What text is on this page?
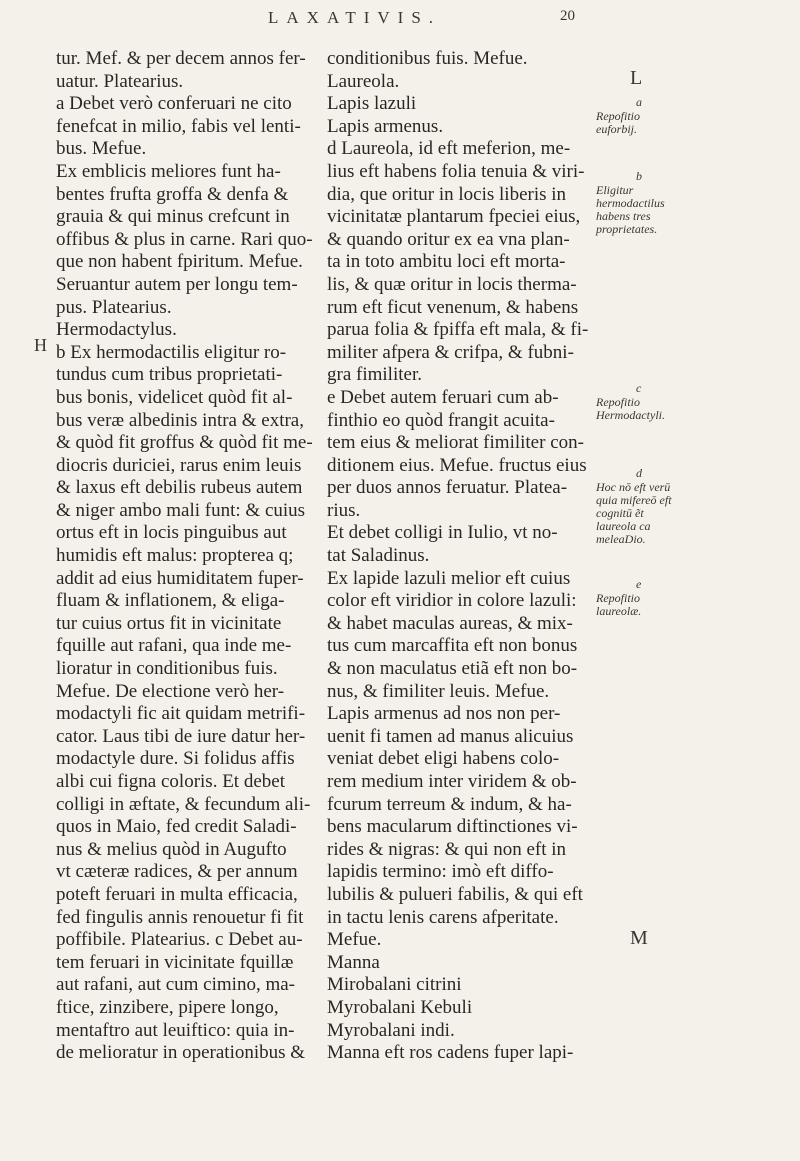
LAXATIVIS.	20
tur. Mef. & per decem annos fer-
uatur. Platearius.
a Debet verò conferuari ne cito
fenefcat in milio, fabis vel lenti-
bus. Mefue.
Ex emblicis meliores funt ha-
bentes frufta groffa & denfa &
grauia & qui minus crefcunt in
offibus & plus in carne. Rari quo-
que non habent fpiritum. Mefue.
Seruantur autem per longu tem-
pus. Platearius.
Hermodactylus.
b Ex hermodactilis eligitur ro-
tundus cum tribus proprietati-
bus bonis, videlicet quòd fit al-
bus veræ albedinis intra & extra,
& quòd fit groffus & quòd fit me-
diocris duriciei, rarus enim leuis
& laxus eft debilis rubeus autem
& niger ambo mali funt: & cuius
ortus eft in locis pinguibus aut
humidis eft malus: propterea q;
addit ad eius humiditatem fuper-
fluam & inflationem, & eliga-
tur cuius ortus fit in vicinitate
fquille aut rafani, qua inde me-
lioratur in conditionibus fuis.
Mefue. De electione verò her-
modactyli fic ait quidam metrifi-
cator. Laus tibi de iure datur her-
modactyle dure. Si folidus affis
albi cui figna coloris. Et debet
colligi in æftate, & fecundum ali-
quos in Maio, fed credit Saladi-
nus & melius quòd in Augufto
vt cæteræ radices, & per annum
poteft feruari in multa efficacia,
fed fingulis annis renouetur fi fit
poffibile. Platearius. c Debet au-
tem feruari in vicinitate fquillæ
aut rafani, aut cum cimino, ma-
ftice, zinzibere, pipere longo,
mentaftro aut leuiftico: quia in-
de melioratur in operationibus &
conditionibus fuis. Mefue.
Laureola.
Lapis lazuli
Lapis armenus.
d Laureola, id eft meferion, me-
lius eft habens folia tenuia & viri-
dia, que oritur in locis liberis in
vicinitatæ plantarum fpeciei eius,
& quando oritur ex ea vna plan-
ta in toto ambitu loci eft morta-
lis, & quæ oritur in locis therma-
rum eft ficut venenum, & habens
parua folia & fpiffa eft mala, & fi-
militer afpera & crifpa, & fubni-
gra fimiliter.
e Debet autem feruari cum ab-
finthio eo quòd frangit acuita-
tem eius & meliorat fimiliter con-
ditionem eius. Mefue. fructus eius
per duos annos feruatur. Platea-
rius.
Et debet colligi in Iulio, vt no-
tat Saladinus.
Ex lapide lazuli melior eft cuius
color eft viridior in colore lazuli:
& habet maculas aureas, & mix-
tus cum marcaffita eft non bonus
& non maculatus etiã eft non bo-
nus, & fimiliter leuis. Mefue.
Lapis armenus ad nos non per-
uenit fi tamen ad manus alicuius
veniat debet eligi habens colo-
rem medium inter viridem & ob-
fcurum terreum & indum, & ha-
bens macularum diftinctiones vi-
rides & nigras: & qui non eft in
lapidis termino: imò eft diffo-
lubilis & pulueri fabilis, & qui eft
in tactu lenis carens afperitate.
Mefue.
Manna
Mirobalani citrini
Myrobalani Kebuli
Myrobalani indi.
Manna eft ros cadens fuper lapi-
H
L
a
Repofitio euforbij.
b
Eligitur hermodactilus habens tres proprietates.
c
Repofitio Hermodactyli.
d
Hoc nō eft verū quia mifereō eft cognitū ẽt laureola ca meleaDio.
e
Repofitio laureolæ.
M
